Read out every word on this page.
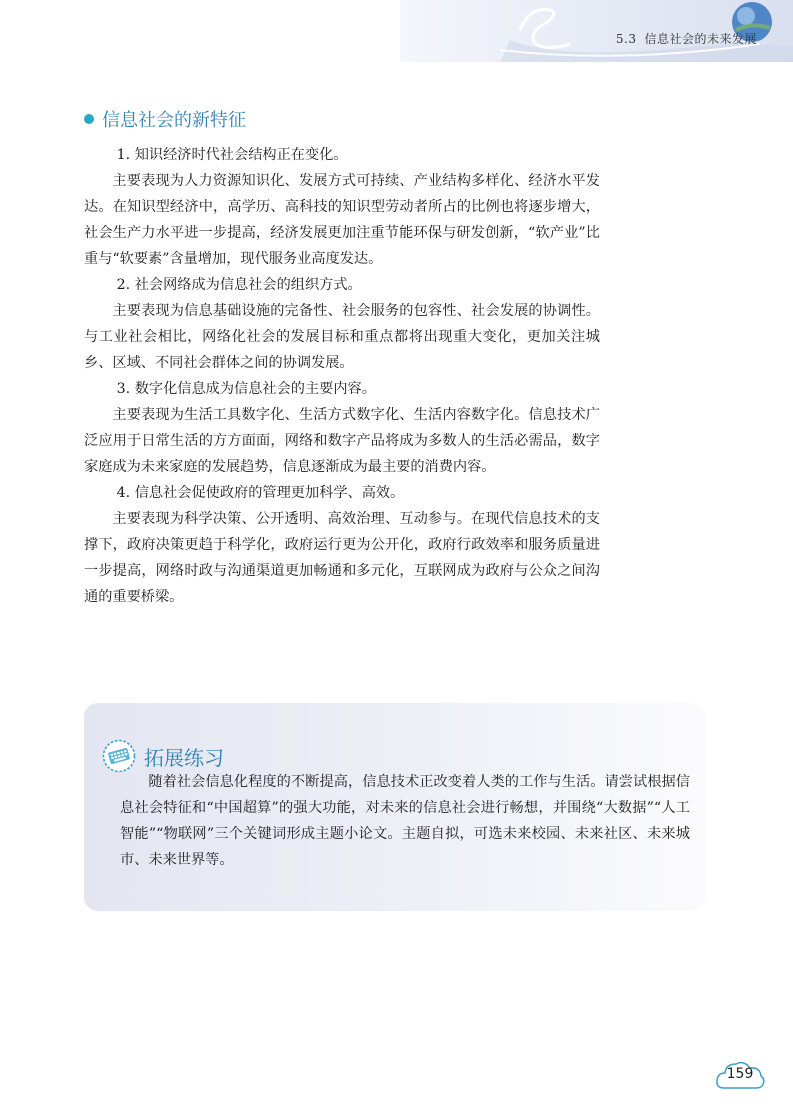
5.3 信息社会的未来发展
信息社会的新特征

1. 知识经济时代社会结构正在变化。

主要表现为人力资源知识化、发展方式可持续、产业结构多样化、经济水平发达。在知识型经济中，高学历、高科技的知识型劳动者所占的比例也将逐步增大，社会生产力水平进一步提高，经济发展更加注重节能环保与研发创新，“软产业”比重与“软要素”含量增加，现代服务业高度发达。

2. 社会网络成为信息社会的组织方式。

主要表现为信息基础设施的完备性、社会服务的包容性、社会发展的协调性。与工业社会相比，网络化社会的发展目标和重点都将出现重大变化，更加关注城乡、区域、不同社会群体之间的协调发展。

3. 数字化信息成为信息社会的主要内容。

主要表现为生活工具数字化、生活方式数字化、生活内容数字化。信息技术广泛应用于日常生活的方方面面，网络和数字产品将成为多数人的生活必需品，数字家庭成为未来家庭的发展趋势，信息逐渐成为最主要的消费内容。

4. 信息社会促使政府的管理更加科学、高效。

主要表现为科学决策、公开透明、高效治理、互动参与。在现代信息技术的支撑下，政府决策更趋于科学化，政府运行更为公开化，政府行政效率和服务质量进一步提高，网络时政与沟通渠道更加畅通和多元化，互联网成为政府与公众之间沟通的重要桥梁。

拓展练习

随着社会信息化程度的不断提高，信息技术正改变着人类的工作与生活。请尝试根据信息社会特征和“中国超算”的强大功能，对未来的信息社会进行畅想，并围绕“大数据”“人工智能”“物联网”三个关键词形成主题小论文。主题自拟，可选未来校园、未来社区、未来城市、未来世界等。

159
